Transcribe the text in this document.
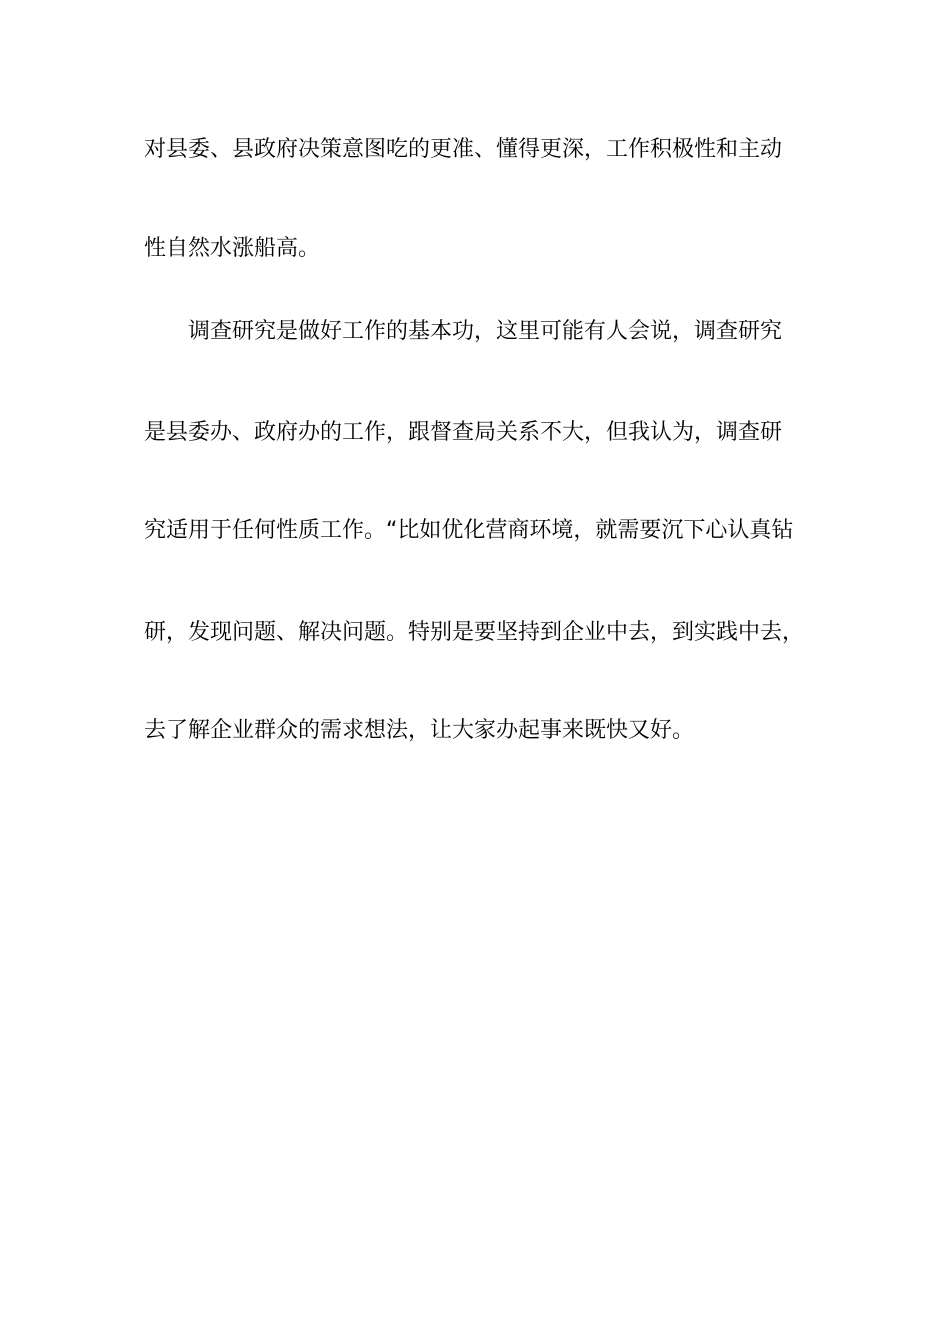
对县委、县政府决策意图吃的更准、懂得更深，工作积极性和主动

性自然水涨船高。

调查研究是做好工作的基本功，这里可能有人会说，调查研究

是县委办、政府办的工作，跟督查局关系不大，但我认为，调查研

究适用于任何性质工作。“比如优化营商环境，就需要沉下心认真钻

研，发现问题、解决问题。特别是要坚持到企业中去，到实践中去，

去了解企业群众的需求想法，让大家办起事来既快又好。
